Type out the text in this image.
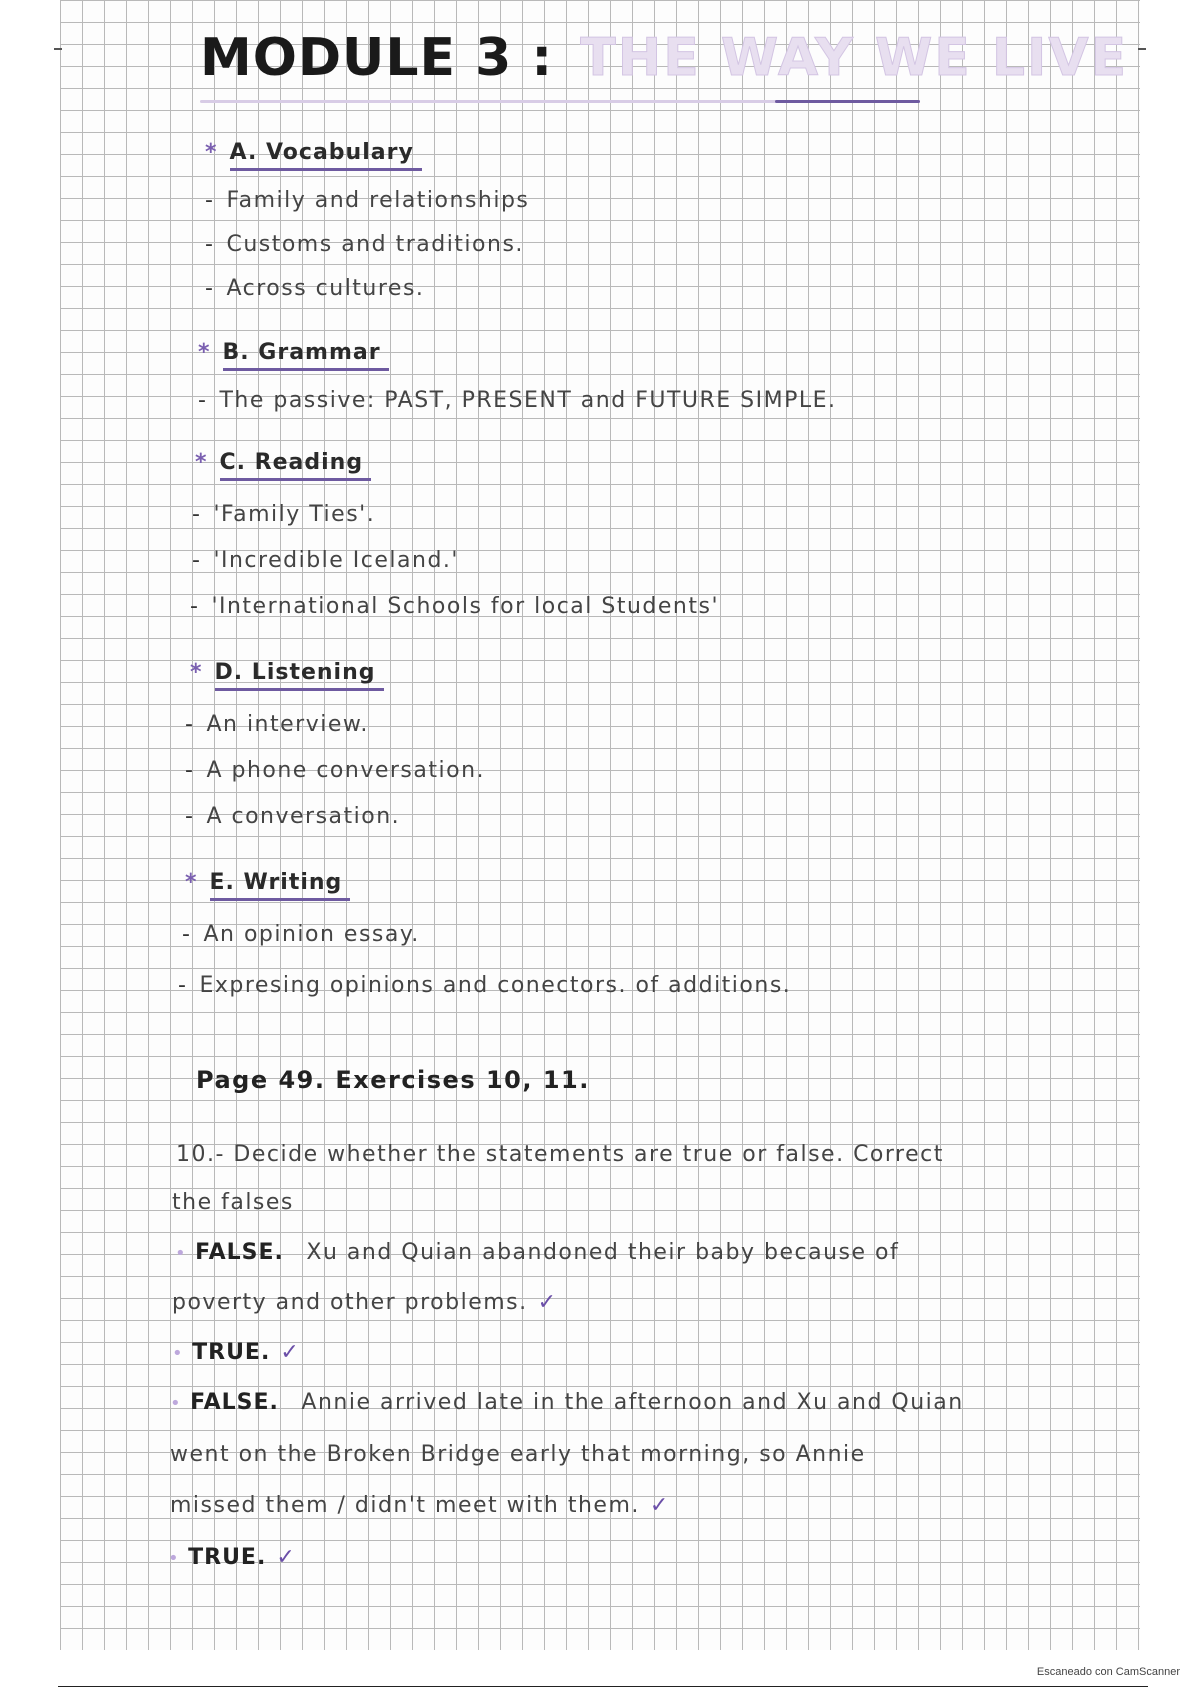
MODULE 3 : THE WAY WE LIVE
* A. Vocabulary
- Family and relationships
- Customs and traditions.
- Across cultures.
* B. Grammar
- The passive: PAST, PRESENT and FUTURE SIMPLE.
* C. Reading
- 'Family Ties'.
- 'Incredible Iceland.'
- 'International Schools for local Students'
* D. Listening
- An interview.
- A phone conversation.
- A conversation.
* E. Writing
- An opinion essay.
- Expresing opinions and conectors. of additions.
Page 49. Exercises 10, 11.
10.- Decide whether the statements are true or false. Correct
the falses
• FALSE. Xu and Quian abandoned their baby because of
poverty and other problems. ✓
• TRUE. ✓
• FALSE. Annie arrived late in the afternoon and Xu and Quian
went on the Broken Bridge early that morning, so Annie
missed them / didn't meet with them. ✓
• TRUE. ✓
Escaneado con CamScanner
